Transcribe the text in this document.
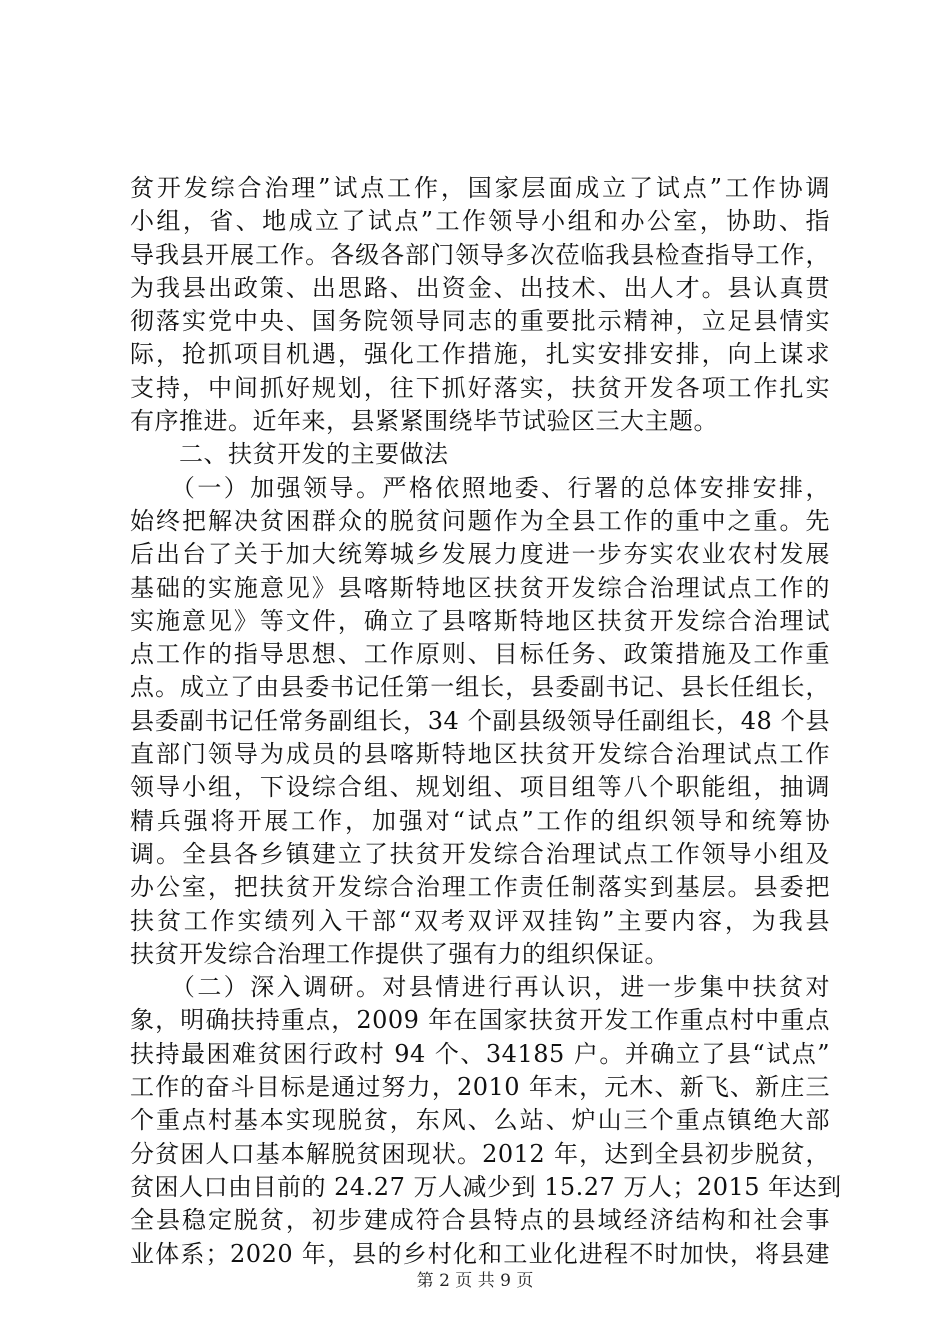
贫开发综合治理”试点工作，国家层面成立了试点”工作协调
小组，省、地成立了试点”工作领导小组和办公室，协助、指
导我县开展工作。各级各部门领导多次莅临我县检查指导工作，
为我县出政策、出思路、出资金、出技术、出人才。县认真贯
彻落实党中央、国务院领导同志的重要批示精神，立足县情实
际，抢抓项目机遇，强化工作措施，扎实安排安排，向上谋求
支持，中间抓好规划，往下抓好落实，扶贫开发各项工作扎实
有序推进。近年来，县紧紧围绕毕节试验区三大主题。
　　二、扶贫开发的主要做法
　　（一）加强领导。严格依照地委、行署的总体安排安排，
始终把解决贫困群众的脱贫问题作为全县工作的重中之重。先
后出台了关于加大统筹城乡发展力度进一步夯实农业农村发展
基础的实施意见》县喀斯特地区扶贫开发综合治理试点工作的
实施意见》等文件，确立了县喀斯特地区扶贫开发综合治理试
点工作的指导思想、工作原则、目标任务、政策措施及工作重
点。成立了由县委书记任第一组长，县委副书记、县长任组长，
县委副书记任常务副组长，34 个副县级领导任副组长，48 个县
直部门领导为成员的县喀斯特地区扶贫开发综合治理试点工作
领导小组，下设综合组、规划组、项目组等八个职能组，抽调
精兵强将开展工作，加强对“试点”工作的组织领导和统筹协
调。全县各乡镇建立了扶贫开发综合治理试点工作领导小组及
办公室，把扶贫开发综合治理工作责任制落实到基层。县委把
扶贫工作实绩列入干部“双考双评双挂钩”主要内容，为我县
扶贫开发综合治理工作提供了强有力的组织保证。
　　（二）深入调研。对县情进行再认识，进一步集中扶贫对
象，明确扶持重点，2009 年在国家扶贫开发工作重点村中重点
扶持最困难贫困行政村 94 个、34185 户。并确立了县“试点”
工作的奋斗目标是通过努力，2010 年末，元木、新飞、新庄三
个重点村基本实现脱贫，东风、么站、炉山三个重点镇绝大部
分贫困人口基本解脱贫困现状。2012 年，达到全县初步脱贫，
贫困人口由目前的 24.27 万人减少到 15.27 万人；2015 年达到
全县稳定脱贫，初步建成符合县特点的县域经济结构和社会事
业体系；2020 年，县的乡村化和工业化进程不时加快，将县建
第 2 页 共 9 页
